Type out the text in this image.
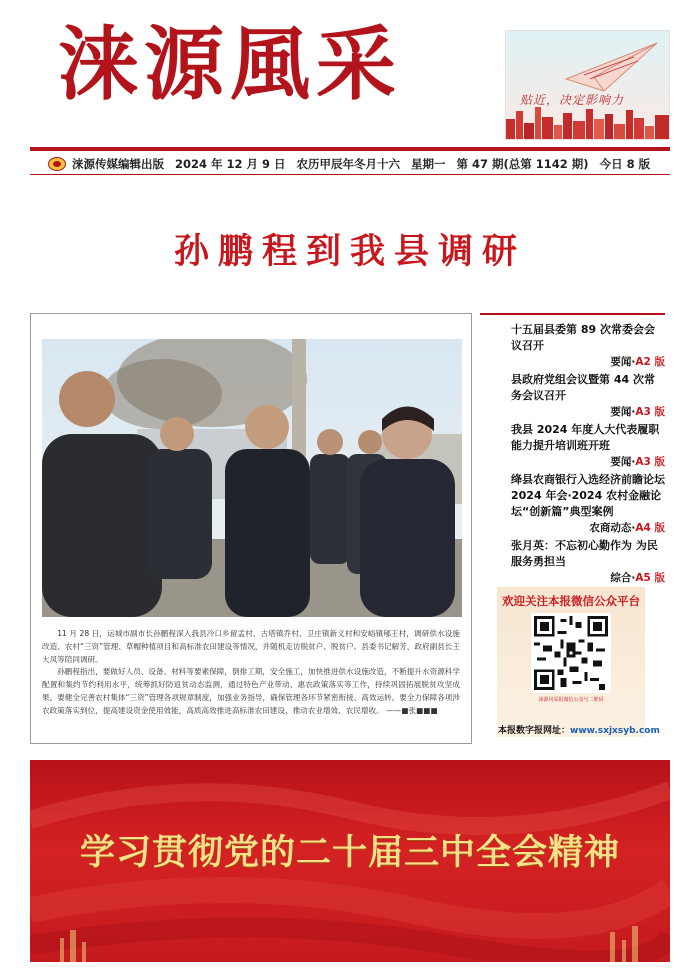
涞源風采	贴近，决定影响力
涞源传媒编辑出版 2024 年 12 月 9 日 农历甲辰年冬月十六 星期一 第 47 期(总第 1142 期) 今日 8 版
孙鹏程到我县调研

11 月 28 日，运城市副市长孙鹏程深入我县冷口乡留孟村、古塔镇乔村、卫庄镇新义村和安峪镇郇王村，调研供水设施改造、农村“三资”管理、草帽种植项目和高标准农田建设等情况，并随机走访脱贫户、脱贫户。县委书记解芳，政府副县长王大凤等陪同调研。

孙鹏程指出，要做好人员、设备、材料等要素保障，倒排工期，安全施工，加快推进供水设施改造，不断提升水资源科学配置和集约节约利用水平，统筹抓好防返贫动态监测，通过特色产业带动、惠农政策落实等工作，持续巩固拓展脱贫攻坚成果。要健全完善农村集体“三资”管理各项规章制度，加强业务指导，确保管理各环节紧密衔接、高效运转。要全力保障各项涉农政策落实到位，提高建设资金使用效能，高质高效推进高标准农田建设，推动农业增效、农民增收。 ——■张■■■

十五届县委第 89 次常委会会议召开
要闻·A2 版
县政府党组会议暨第 44 次常务会议召开
要闻·A3 版
我县 2024 年度人大代表履职能力提升培训班开班
要闻·A3 版
绛县农商银行入选经济前瞻论坛 2024 年会·2024 农村金融论坛“创新篇”典型案例
农商动态·A4 版
张月英：不忘初心勤作为 为民服务勇担当
综合·A5 版
欢迎关注本报微信公众平台
涞源风采报微信公众号二维码
本报数字报网址：www.sxjxsyb.com
学习贯彻党的二十届三中全会精神
